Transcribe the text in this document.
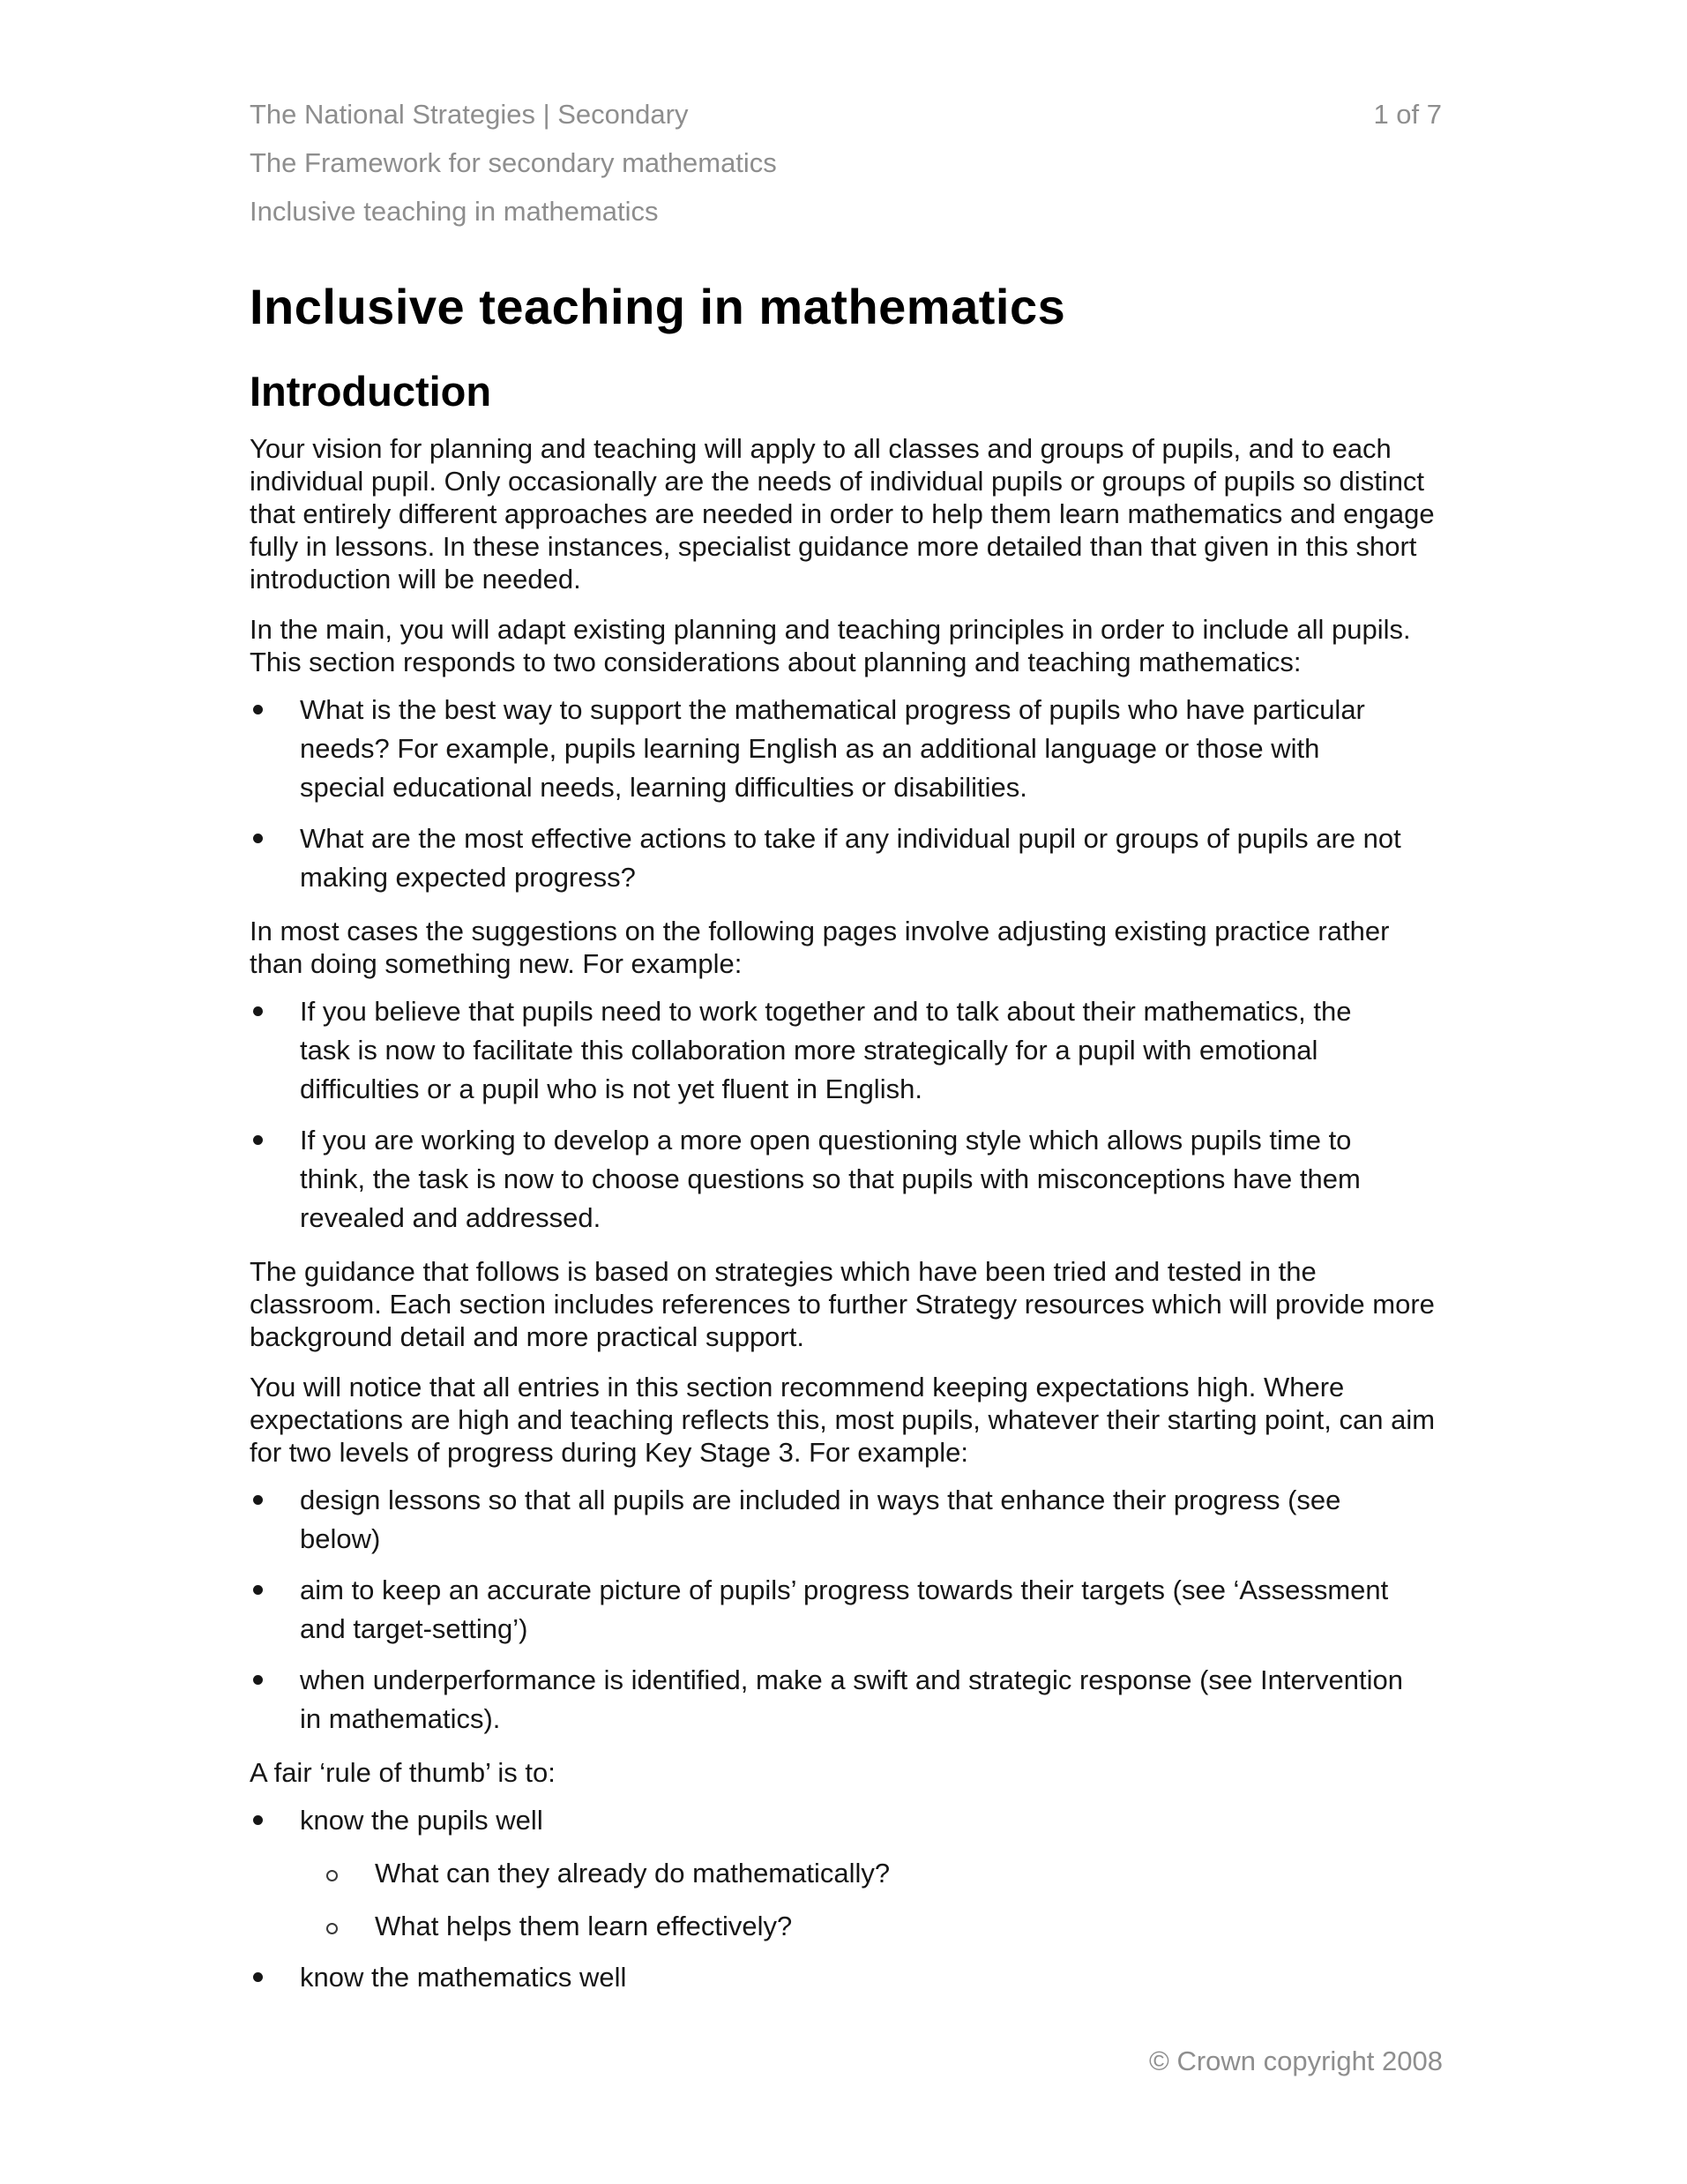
The National Strategies | Secondary	1 of 7
The Framework for secondary mathematics
Inclusive teaching in mathematics
Inclusive teaching in mathematics
Introduction

Your vision for planning and teaching will apply to all classes and groups of pupils, and to each individual pupil. Only occasionally are the needs of individual pupils or groups of pupils so distinct that entirely different approaches are needed in order to help them learn mathematics and engage fully in lessons. In these instances, specialist guidance more detailed than that given in this short introduction will be needed.

In the main, you will adapt existing planning and teaching principles in order to include all pupils. This section responds to two considerations about planning and teaching mathematics:

What is the best way to support the mathematical progress of pupils who have particular needs? For example, pupils learning English as an additional language or those with special educational needs, learning difficulties or disabilities.
What are the most effective actions to take if any individual pupil or groups of pupils are not making expected progress?

In most cases the suggestions on the following pages involve adjusting existing practice rather than doing something new. For example:

If you believe that pupils need to work together and to talk about their mathematics, the task is now to facilitate this collaboration more strategically for a pupil with emotional difficulties or a pupil who is not yet fluent in English.
If you are working to develop a more open questioning style which allows pupils time to think, the task is now to choose questions so that pupils with misconceptions have them revealed and addressed.

The guidance that follows is based on strategies which have been tried and tested in the classroom. Each section includes references to further Strategy resources which will provide more background detail and more practical support.

You will notice that all entries in this section recommend keeping expectations high. Where expectations are high and teaching reflects this, most pupils, whatever their starting point, can aim for two levels of progress during Key Stage 3. For example:

design lessons so that all pupils are included in ways that enhance their progress (see below)
aim to keep an accurate picture of pupils’ progress towards their targets (see ‘Assessment and target-setting’)
when underperformance is identified, make a swift and strategic response (see Intervention in mathematics).

A fair ‘rule of thumb’ is to:

know the pupils well
What can they already do mathematically?
What helps them learn effectively?
know the mathematics well
© Crown copyright 2008
